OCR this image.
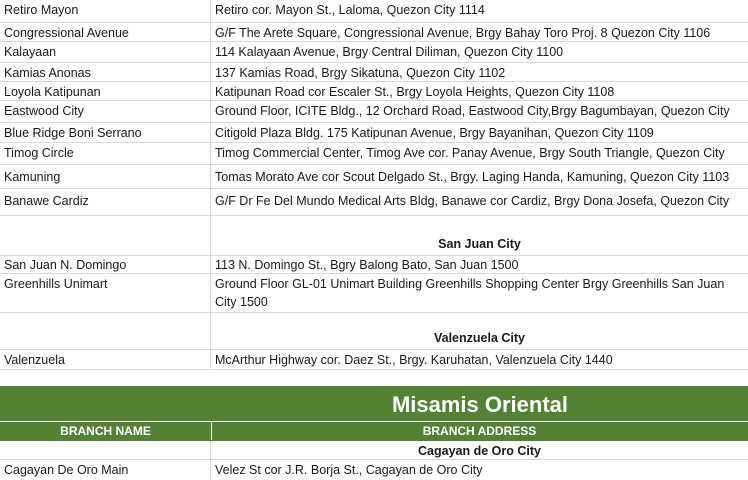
Retiro Mayon	Retiro cor. Mayon St., Laloma, Quezon City 1114
Congressional Avenue	G/F The Arete Square, Congressional Avenue, Brgy Bahay Toro Proj. 8 Quezon City 1106
Kalayaan	114 Kalayaan Avenue, Brgy Central Diliman, Quezon City 1100
Kamias Anonas	137 Kamias Road, Brgy Sikatuna, Quezon City 1102
Loyola Katipunan	Katipunan Road cor Escaler St., Brgy Loyola Heights, Quezon City 1108
Eastwood City	Ground Floor, ICITE Bldg., 12 Orchard Road, Eastwood City,Brgy Bagumbayan, Quezon City
Blue Ridge Boni Serrano	Citigold Plaza Bldg. 175 Katipunan Avenue, Brgy Bayanihan, Quezon City 1109
Timog Circle	Timog Commercial Center, Timog Ave cor. Panay Avenue, Brgy South Triangle, Quezon City
Kamuning	Tomas Morato Ave cor Scout Delgado St., Brgy. Laging Handa, Kamuning, Quezon City 1103
Banawe Cardiz	G/F Dr Fe Del Mundo Medical Arts Bldg, Banawe cor Cardiz, Brgy Dona Josefa, Quezon City
San Juan City
San Juan N. Domingo	113 N. Domingo St., Bgry Balong Bato, San Juan 1500
Greenhills Unimart	Ground Floor GL-01 Unimart Building Greenhills Shopping Center Brgy Greenhills San Juan City 1500
Valenzuela City
Valenzuela	McArthur Highway cor. Daez St., Brgy. Karuhatan, Valenzuela City 1440
Misamis Oriental
BRANCH NAME	BRANCH ADDRESS
Cagayan de Oro City
Cagayan De Oro Main	Velez St cor J.R. Borja St., Cagayan de Oro City
